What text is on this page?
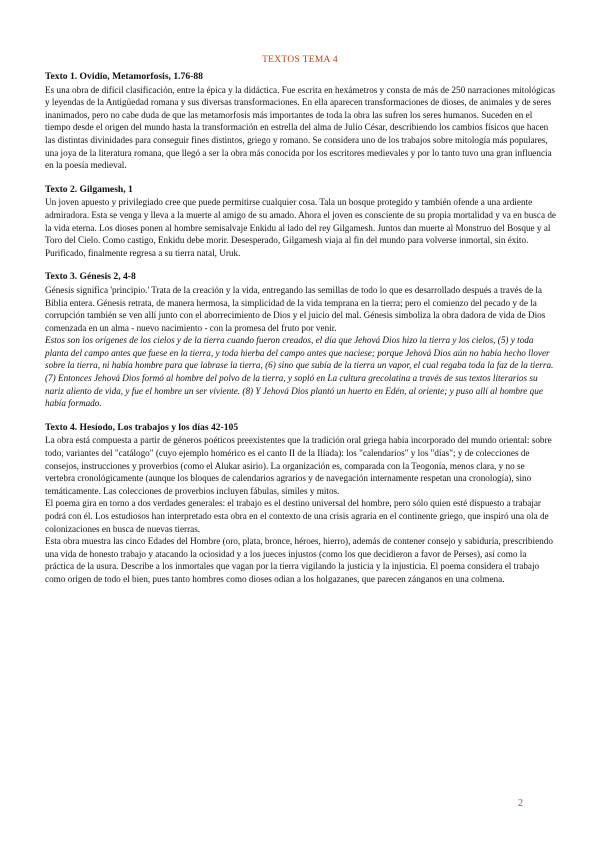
TEXTOS TEMA 4

Texto 1. Ovidio, Metamorfosis, 1.76-88

Es una obra de difícil clasificación, entre la épica y la didáctica. Fue escrita en hexámetros y consta de más de 250 narraciones mitológicas y leyendas de la Antigüedad romana y sus diversas transformaciones. En ella aparecen transformaciones de dioses, de animales y de seres inanimados, pero no cabe duda de que las metamorfosis más importantes de toda la obra las sufren los seres humanos. Suceden en el tiempo desde el origen del mundo hasta la transformación en estrella del alma de Julio César, describiendo los cambios físicos que hacen las distintas divinidades para conseguir fines distintos, griego y romano. Se considera uno de los trabajos sobre mitología más populares, una joya de la literatura romana, que llegó a ser la obra más conocida por los escritores medievales y por lo tanto tuvo una gran influencia en la poesía medieval.

Texto 2. Gilgamesh, 1

Un joven apuesto y privilegiado cree que puede permitirse cualquier cosa. Tala un bosque protegido y también ofende a una ardiente admiradora. Esta se venga y lleva a la muerte al amigo de su amado. Ahora el joven es consciente de su propia mortalidad y va en busca de la vida eterna. Los dioses ponen al hombre semisalvaje Enkidu al lado del rey Gilgamesh. Juntos dan muerte al Monstruo del Bosque y al Toro del Cielo. Como castigo, Enkidu debe morir. Desesperado, Gilgamesh viaja al fin del mundo para volverse inmortal, sin éxito. Purificado, finalmente regresa a su tierra natal, Uruk.

Texto 3. Génesis 2, 4-8

Génesis significa 'principio.' Trata de la creación y la vida, entregando las semillas de todo lo que es desarrollado después a través de la Biblia entera. Génesis retrata, de manera hermosa, la simplicidad de la vida temprana en la tierra; pero el comienzo del pecado y de la corrupción también se ven allí junto con el aborrecimiento de Dios y el juicio del mal. Génesis simboliza la obra dadora de vida de Dios comenzada en un alma - nuevo nacimiento - con la promesa del fruto por venir.

Estos son los orígenes de los cielos y de la tierra cuando fueron creados, el día que Jehová Dios hizo la tierra y los cielos, (5) y toda planta del campo antes que fuese en la tierra, y toda hierba del campo antes que naciese; porque Jehová Dios aún no había hecho llover sobre la tierra, ni había hombre para que labrase la tierra, (6) sino que subía de la tierra un vapor, el cual regaba toda la faz de la tierra. (7) Entonces Jehová Dios formó al hombre del polvo de la tierra, y sopló en La cultura grecolatina a través de sus textos literarios su nariz aliento de vida, y fue el hombre un ser viviente. (8) Y Jehová Dios plantó un huerto en Edén, al oriente; y puso allí al hombre que había formado.

Texto 4. Hesíodo, Los trabajos y los días 42-105

La obra está compuesta a partir de géneros poéticos preexistentes que la tradición oral griega había incorporado del mundo oriental: sobre todo, variantes del "catálogo" (cuyo ejemplo homérico es el canto II de la Ilíada): los "calendarios" y los "días"; y de colecciones de consejos, instrucciones y proverbios (como el Alukar asirio). La organización es, comparada con la Teogonía, menos clara, y no se vertebra cronológicamente (aunque los bloques de calendarios agrarios y de navegación internamente respetan una cronología), sino temáticamente. Las colecciones de proverbios incluyen fábulas, símiles y mitos.

El poema gira en torno a dos verdades generales: el trabajo es el destino universal del hombre, pero sólo quien esté dispuesto a trabajar podrá con él. Los estudiosos han interpretado esta obra en el contexto de una crisis agraria en el continente griego, que inspiró una ola de colonizaciones en busca de nuevas tierras.

Esta obra muestra las cinco Edades del Hombre (oro, plata, bronce, héroes, hierro), además de contener consejo y sabiduría, prescribiendo una vida de honesto trabajo y atacando la ociosidad y a los jueces injustos (como los que decidieron a favor de Perses), así como la práctica de la usura. Describe a los inmortales que vagan por la tierra vigilando la justicia y la injusticia. El poema considera el trabajo como origen de todo el bien, pues tanto hombres como dioses odian a los holgazanes, que parecen zánganos en una colmena.

2
